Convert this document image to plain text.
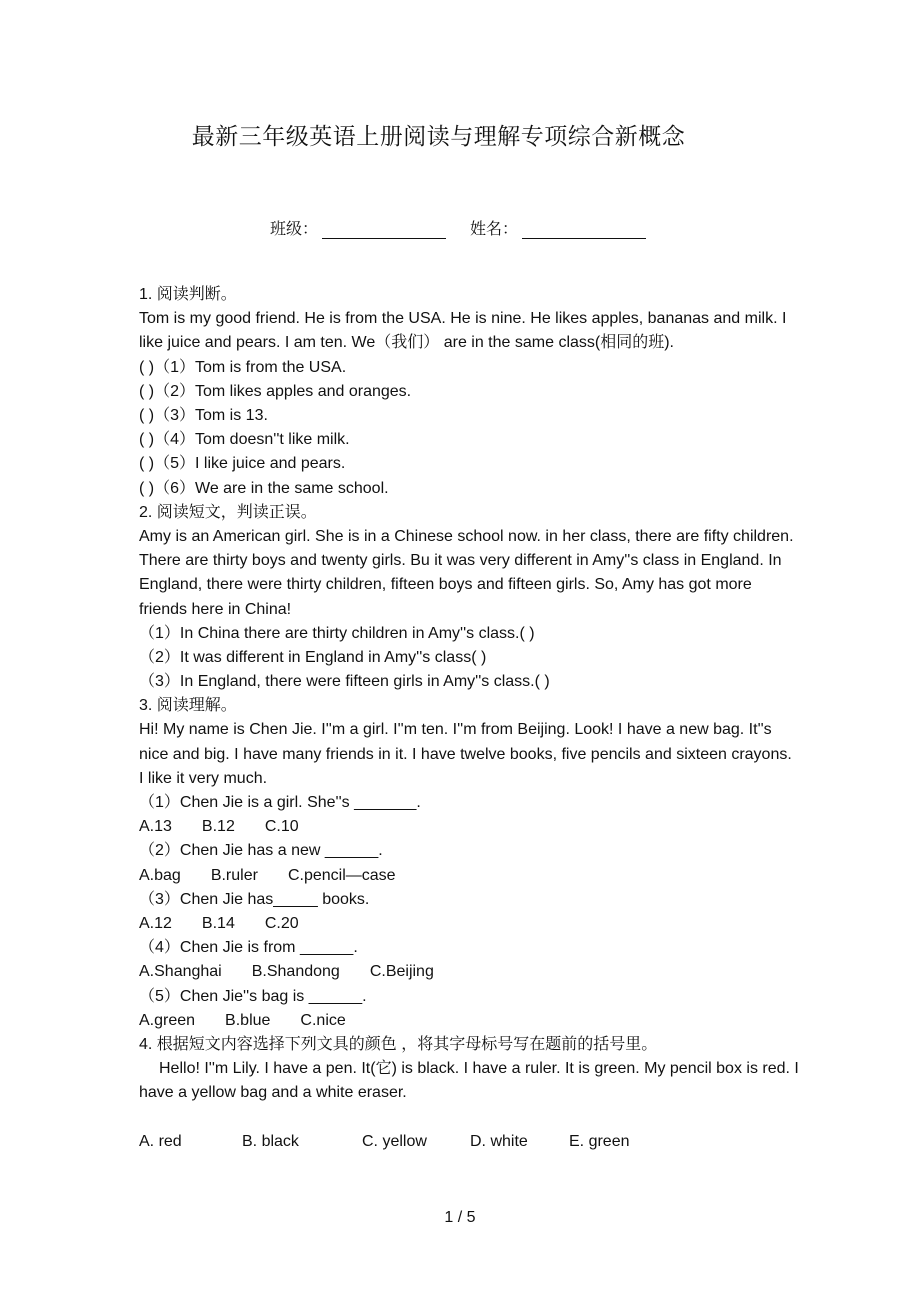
最新三年级英语上册阅读与理解专项综合新概念
班级：	姓名：
1. 阅读判断。
Tom is my good friend. He is from the USA. He is nine. He likes apples, bananas and milk. I like juice and pears. I am ten. We（我们） are in the same class(相同的班).
( )（1）Tom is from the USA.
( )（2）Tom likes apples and oranges.
( )（3）Tom is 13.
( )（4）Tom doesn''t like milk.
( )（5）I like juice and pears.
( )（6）We are in the same school.
2. 阅读短文，判读正误。
Amy is an American girl. She is in a Chinese school now. in her class, there are fifty children. There are thirty boys and twenty girls. Bu it was very different in Amy''s class in England. In England, there were thirty children, fifteen boys and fifteen girls. So, Amy has got more friends here in China!
（1）In China there are thirty children in Amy''s class.( )
（2）It was different in England in Amy''s class( )
（3）In England, there were fifteen girls in Amy''s class.( )
3. 阅读理解。
Hi! My name is Chen Jie. I''m a girl. I''m ten. I''m from Beijing. Look! I have a new bag. It''s nice and big. I have many friends in it. I have twelve books, five pencils and sixteen crayons. I like it very much.
（1）Chen Jie is a girl. She''s _______.
A.13 B.12 C.10
（2）Chen Jie has a new ______.
A.bag B.ruler C.pencil—case
（3）Chen Jie has_____ books.
A.12 B.14 C.20
（4）Chen Jie is from ______.
A.Shanghai B.Shandong C.Beijing
（5）Chen Jie''s bag is ______.
A.green B.blue C.nice
4. 根据短文内容选择下列文具的颜色 ，将其字母标号写在题前的括号里。
Hello! I''m Lily. I have a pen. It(它) is black. I have a ruler. It is green. My pencil box is red. I have a yellow bag and a white eraser.
A. red	B. black	C. yellow	D. white	E. green
1 / 5
